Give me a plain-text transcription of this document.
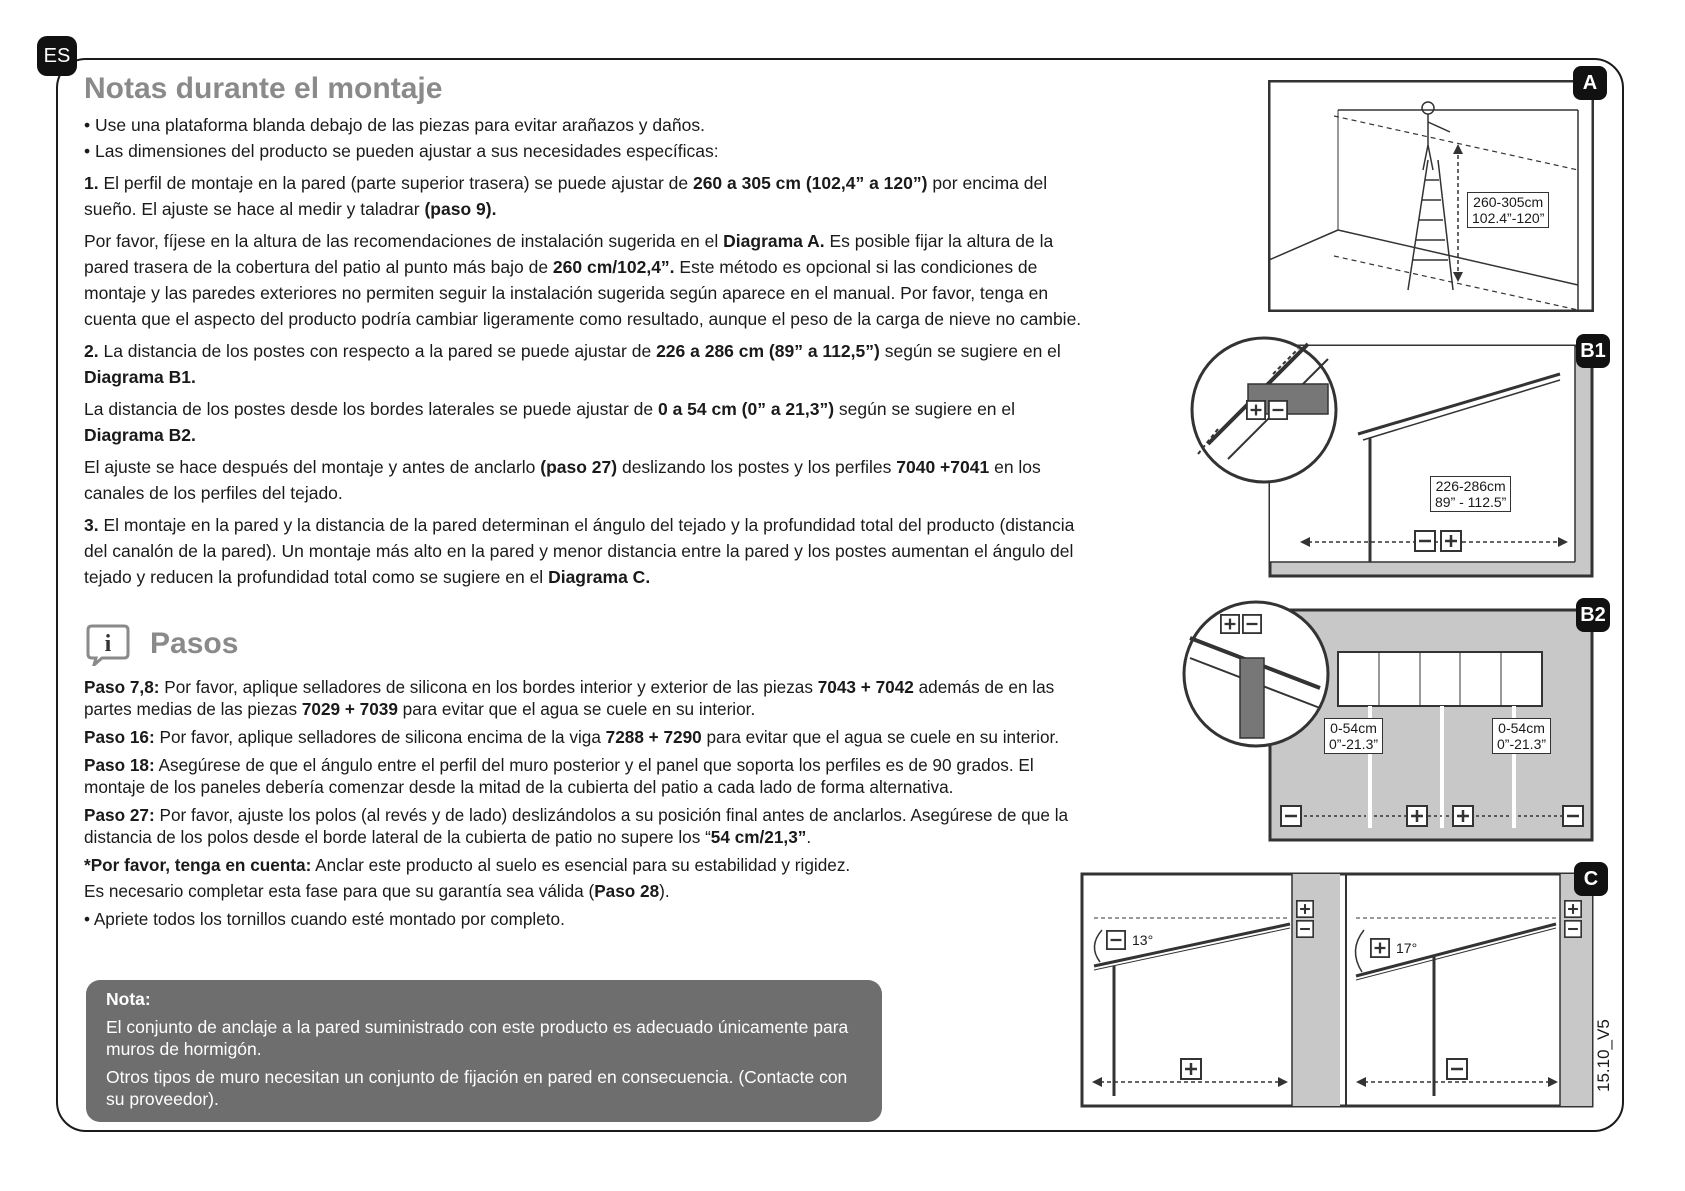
ES
Notas durante el montaje

• Use una plataforma blanda debajo de las piezas para evitar arañazos y daños.

• Las dimensiones del producto se pueden ajustar a sus necesidades específicas:

1. El perfil de montaje en la pared (parte superior trasera) se puede ajustar de 260 a 305 cm (102,4” a 120”) por encima del sueño. El ajuste se hace al medir y taladrar (paso 9).

Por favor, fíjese en la altura de las recomendaciones de instalación sugerida en el Diagrama A. Es posible fijar la altura de la pared trasera de la cobertura del patio al punto más bajo de 260 cm/102,4”. Este método es opcional si las condiciones de montaje y las paredes exteriores no permiten seguir la instalación sugerida según aparece en el manual. Por favor, tenga en cuenta que el aspecto del producto podría cambiar ligeramente como resultado, aunque el peso de la carga de nieve no cambie.

2. La distancia de los postes con respecto a la pared se puede ajustar de 226 a 286 cm (89” a 112,5”) según se sugiere en el Diagrama B1.

La distancia de los postes desde los bordes laterales se puede ajustar de 0 a 54 cm (0” a 21,3”) según se sugiere en el Diagrama B2.

El ajuste se hace después del montaje y antes de anclarlo (paso 27) deslizando los postes y los perfiles 7040 +7041 en los canales de los perfiles del tejado.

3. El montaje en la pared y la distancia de la pared determinan el ángulo del tejado y la profundidad total del producto (distancia del canalón de la pared). Un montaje más alto en la pared y menor distancia entre la pared y los postes aumentan el ángulo del tejado y reducen la profundidad total como se sugiere en el Diagrama C.

i Pasos

Paso 7,8: Por favor, aplique selladores de silicona en los bordes interior y exterior de las piezas 7043 + 7042 además de en las partes medias de las piezas 7029 + 7039 para evitar que el agua se cuele en su interior.

Paso 16: Por favor, aplique selladores de silicona encima de la viga 7288 + 7290 para evitar que el agua se cuele en su interior.

Paso 18: Asegúrese de que el ángulo entre el perfil del muro posterior y el panel que soporta los perfiles es de 90 grados. El montaje de los paneles debería comenzar desde la mitad de la cubierta del patio a cada lado de forma alternativa.

Paso 27: Por favor, ajuste los polos (al revés y de lado) deslizándolos a su posición final antes de anclarlos. Asegúrese de que la distancia de los polos desde el borde lateral de la cubierta de patio no supere los “54 cm/21,3”.

*Por favor, tenga en cuenta: Anclar este producto al suelo es esencial para su estabilidad y rigidez.

Es necesario completar esta fase para que su garantía sea válida (Paso 28).

• Apriete todos los tornillos cuando esté montado por completo.

Nota:

El conjunto de anclaje a la pared suministrado con este producto es adecuado únicamente para muros de hormigón.

Otros tipos de muro necesitan un conjunto de fijación en pared en consecuencia. (Contacte con su proveedor).

260-305cm
102.4”-120”
A
226-286cm
89” - 112.5”
B1
0-54cm
0”-21.3”
0-54cm
0”-21.3”
B2
13°	17°
C
15.10_V5
